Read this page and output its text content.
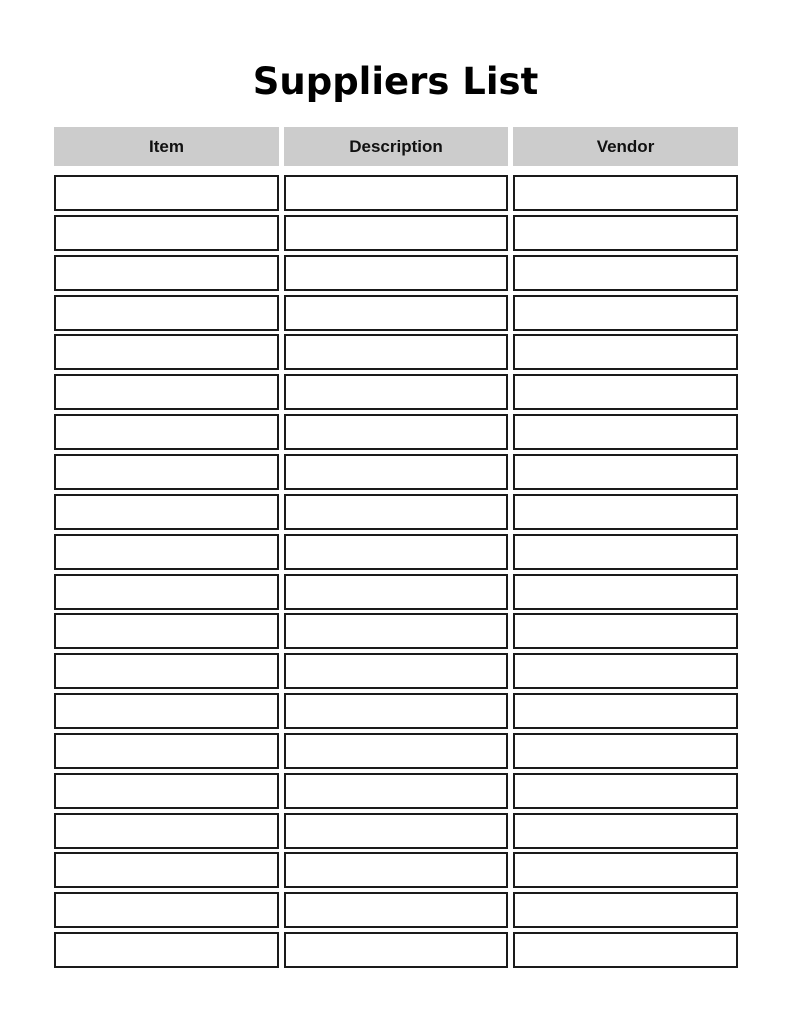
Suppliers List
Item	Description	Vendor
